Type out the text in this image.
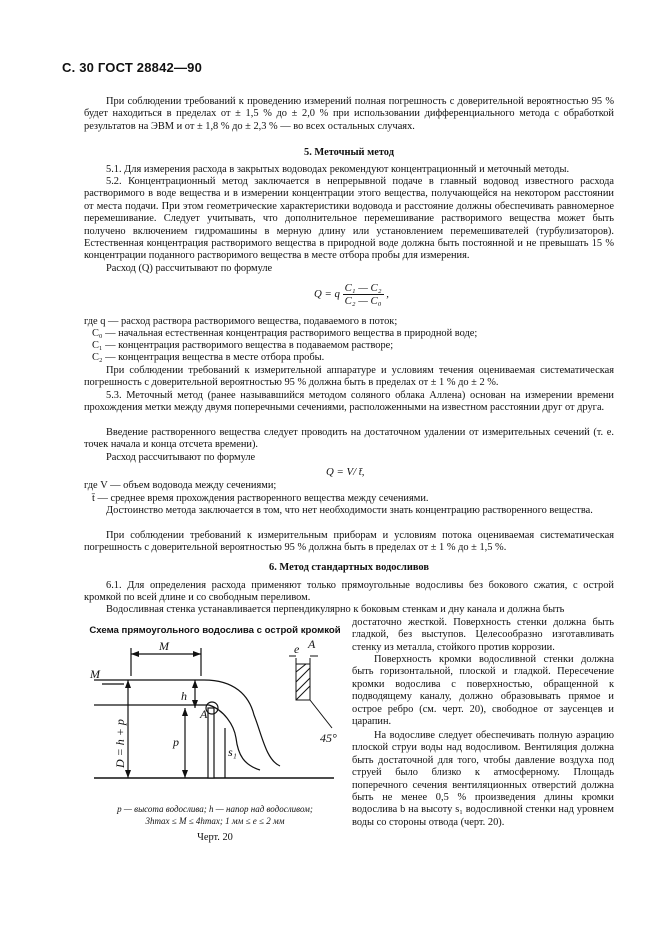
С. 30 ГОСТ 28842—90
При соблюдении требований к проведению измерений полная погрешность с доверительной вероятностью 95 % будет находиться в пределах от ± 1,5 % до ± 2,0 % при использовании дифференциального метода с обработкой результатов на ЭВМ и от ± 1,8 % до ± 2,3 % — во всех остальных случаях.
5. Меточный метод
5.1. Для измерения расхода в закрытых водоводах рекомендуют концентрационный и меточный методы.
5.2. Концентрационный метод заключается в непрерывной подаче в главный водовод известного расхода растворимого в воде вещества и в измерении концентрации этого вещества, получающейся на некотором расстоянии от места подачи. При этом геометрические характеристики водовода и расстояние должны обеспечивать равномерное перемешивание. Следует учитывать, что дополнительное перемешивание растворимого вещества может быть получено включением гидромашины в мерную длину или установлением перемешивателей (турбулизаторов). Естественная концентрация растворимого вещества в природной воде должна быть постоянной и не превышать 15 % концентрации поданного растворимого вещества в месте отбора пробы для измерения.
Расход (Q) рассчитывают по формуле
Q = q $\frac{\text{C₁ — C₂}}{\text{C₂ — C₀}}$ ,
где q — расход раствора растворимого вещества, подаваемого в поток;
C₀ — начальная естественная концентрация растворимого вещества в природной воде;
C₁ — концентрация растворимого вещества в подаваемом растворе;
C₂ — концентрация вещества в месте отбора пробы.
При соблюдении требований к измерительной аппаратуре и условиям течения оцениваемая систематическая погрешность с доверительной вероятностью 95 % должна быть в пределах от ± 1 % до ± 2 %.
5.3. Меточный метод (ранее называвшийся методом соляного облака Аллена) основан на измерении времени прохождения метки между двумя поперечными сечениями, расположенными на известном расстоянии друг от друга.
Введение растворенного вещества следует проводить на достаточном удалении от измерительных сечений (т. е. точек начала и конца отсчета времени).
Расход рассчитывают по формуле
Q = V/ t̄,
где V — объем водовода между сечениями;
t̄ — среднее время прохождения растворенного вещества между сечениями.
Достоинство метода заключается в том, что нет необходимости знать концентрацию растворенного вещества.
При соблюдении требований к измерительным приборам и условиям потока оцениваемая систематическая погрешность с доверительной вероятностью 95 % должна быть в пределах от ± 1 % до ± 1,5 %.
6. Метод стандартных водосливов
6.1. Для определения расхода применяют только прямоугольные водосливы без бокового сжатия, с острой кромкой по всей длине и со свободным переливом.
Водосливная стенка устанавливается перпендикулярно к боковым стенкам и дну канала и должна быть
достаточно жесткой. Поверхность стенки должна быть гладкой, без выступов. Целесообразно изготавливать стенку из металла, стойкого против коррозии.
Поверхность кромки водосливной стенки должна быть горизонтальной, плоской и гладкой. Пересечение кромки водослива с поверхностью, обращенной к подводящему каналу, должно образовывать прямое и острое ребро (см. черт. 20), свободное от заусенцев и царапин.
На водосливе следует обеспечивать полную аэрацию плоской струи воды над водосливом. Вентиляция должна быть достаточной для того, чтобы давление воздуха под струей было близко к атмосферному. Площадь поперечного сечения вентиляционных отверстий должна быть не менее 0,5 % произведения длины кромки водослива b на высоту s₁ водосливной стенки над уровнем воды со стороны отвода (черт. 20).
Схема прямоугольного водослива с острой кромкой
M
M
A
A
e
h
p
s₁
45°
D = h + p
p — высота водослива; h — напор над водосливом;
3hmax ≤ M ≤ 4hmax; 1 мм ≤ e ≤ 2 мм
Черт. 20
